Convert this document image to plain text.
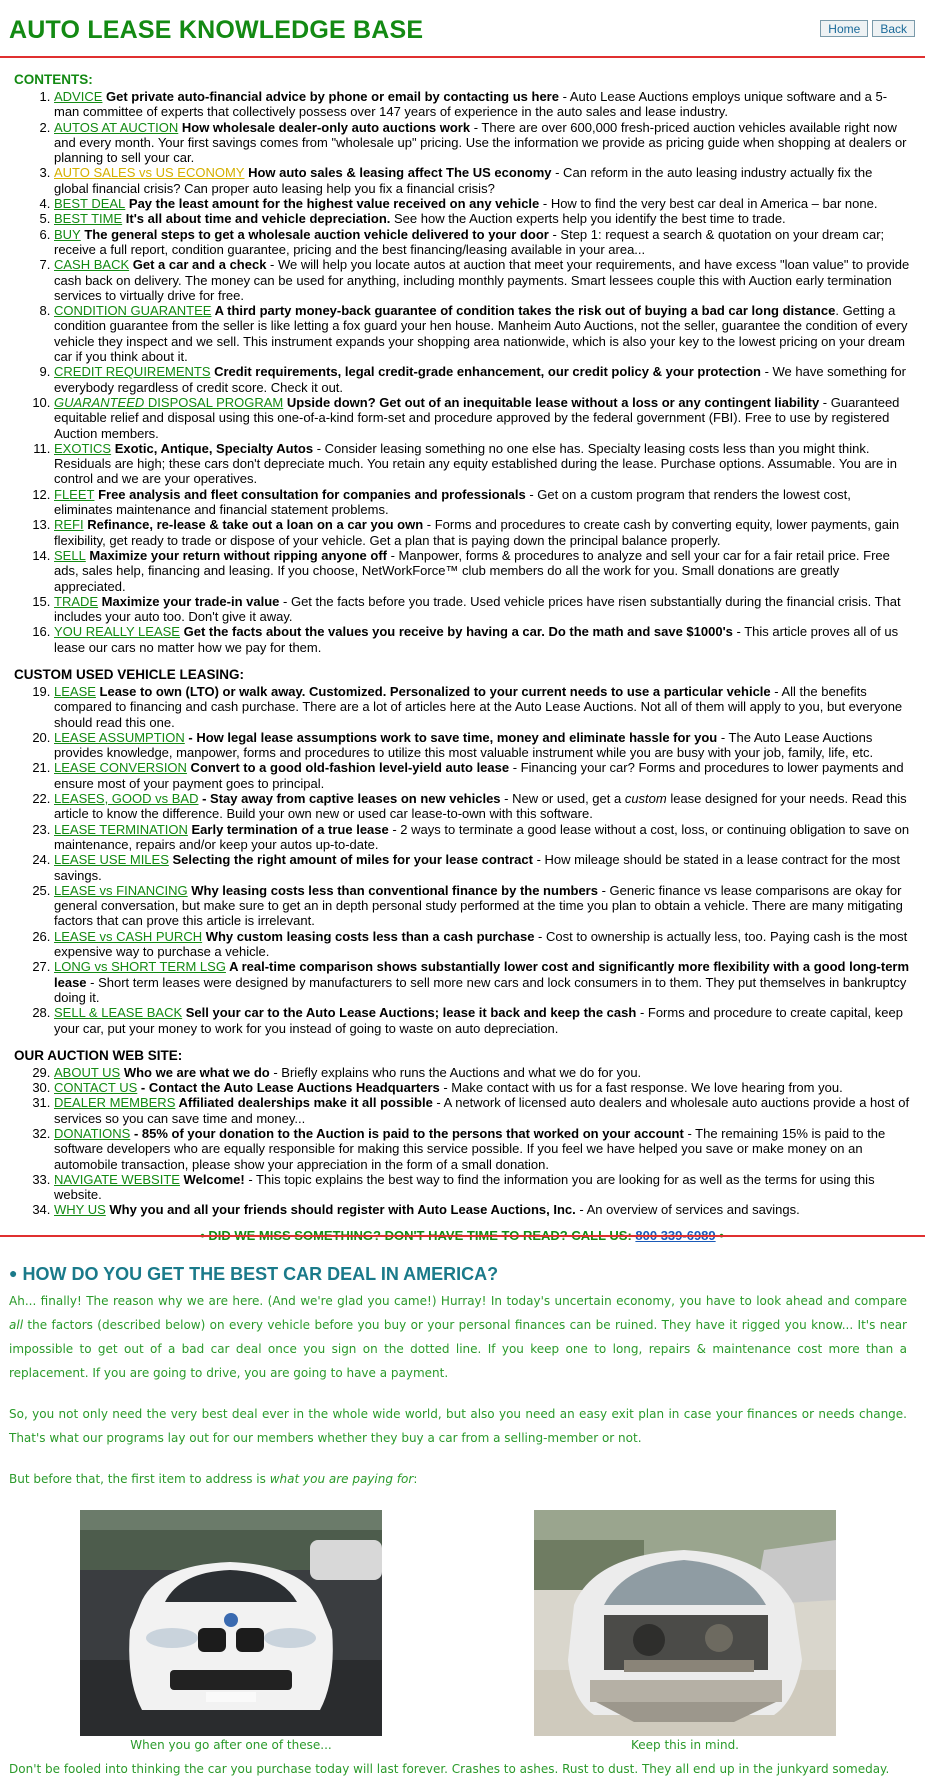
AUTO LEASE KNOWLEDGE BASE	Home	Back

CONTENTS:

1. ADVICE Get private auto-financial advice by phone or email by contacting us here - Auto Lease Auctions employs unique software and a 5-man committee of experts that collectively possess over 147 years of experience in the auto sales and lease industry.
2. AUTOS AT AUCTION How wholesale dealer-only auto auctions work - There are over 600,000 fresh-priced auction vehicles available right now and every month. Your first savings comes from "wholesale up" pricing. Use the information we provide as pricing guide when shopping at dealers or planning to sell your car.
3. AUTO SALES vs US ECONOMY How auto sales & leasing affect The US economy - Can reform in the auto leasing industry actually fix the global financial crisis? Can proper auto leasing help you fix a financial crisis?
4. BEST DEAL Pay the least amount for the highest value received on any vehicle - How to find the very best car deal in America – bar none.
5. BEST TIME It's all about time and vehicle depreciation. See how the Auction experts help you identify the best time to trade.
6. BUY The general steps to get a wholesale auction vehicle delivered to your door - Step 1: request a search & quotation on your dream car; receive a full report, condition guarantee, pricing and the best financing/leasing available in your area...
7. CASH BACK Get a car and a check - We will help you locate autos at auction that meet your requirements, and have excess "loan value" to provide cash back on delivery. The money can be used for anything, including monthly payments. Smart lessees couple this with Auction early termination services to virtually drive for free.
8. CONDITION GUARANTEE A third party money-back guarantee of condition takes the risk out of buying a bad car long distance. Getting a condition guarantee from the seller is like letting a fox guard your hen house. Manheim Auto Auctions, not the seller, guarantee the condition of every vehicle they inspect and we sell. This instrument expands your shopping area nationwide, which is also your key to the lowest pricing on your dream car if you think about it.
9. CREDIT REQUIREMENTS Credit requirements, legal credit-grade enhancement, our credit policy & your protection - We have something for everybody regardless of credit score. Check it out.
10. GUARANTEED DISPOSAL PROGRAM Upside down? Get out of an inequitable lease without a loss or any contingent liability - Guaranteed equitable relief and disposal using this one-of-a-kind form-set and procedure approved by the federal government (FBI). Free to use by registered Auction members.
11. EXOTICS Exotic, Antique, Specialty Autos - Consider leasing something no one else has. Specialty leasing costs less than you might think. Residuals are high; these cars don't depreciate much. You retain any equity established during the lease. Purchase options. Assumable. You are in control and we are your operatives.
12. FLEET Free analysis and fleet consultation for companies and professionals - Get on a custom program that renders the lowest cost, eliminates maintenance and financial statement problems.
13. REFI Refinance, re-lease & take out a loan on a car you own - Forms and procedures to create cash by converting equity, lower payments, gain flexibility, get ready to trade or dispose of your vehicle. Get a plan that is paying down the principal balance properly.
14. SELL Maximize your return without ripping anyone off - Manpower, forms & procedures to analyze and sell your car for a fair retail price. Free ads, sales help, financing and leasing. If you choose, NetWorkForce™ club members do all the work for you. Small donations are greatly appreciated.
15. TRADE Maximize your trade-in value - Get the facts before you trade. Used vehicle prices have risen substantially during the financial crisis. That includes your auto too. Don't give it away.
16. YOU REALLY LEASE Get the facts about the values you receive by having a car. Do the math and save $1000's - This article proves all of us lease our cars no matter how we pay for them.

CUSTOM USED VEHICLE LEASING:

19. LEASE Lease to own (LTO) or walk away. Customized. Personalized to your current needs to use a particular vehicle - All the benefits compared to financing and cash purchase. There are a lot of articles here at the Auto Lease Auctions. Not all of them will apply to you, but everyone should read this one.
20. LEASE ASSUMPTION - How legal lease assumptions work to save time, money and eliminate hassle for you - The Auto Lease Auctions provides knowledge, manpower, forms and procedures to utilize this most valuable instrument while you are busy with your job, family, life, etc.
21. LEASE CONVERSION Convert to a good old-fashion level-yield auto lease - Financing your car? Forms and procedures to lower payments and ensure most of your payment goes to principal.
22. LEASES, GOOD vs BAD - Stay away from captive leases on new vehicles - New or used, get a custom lease designed for your needs. Read this article to know the difference. Build your own new or used car lease-to-own with this software.
23. LEASE TERMINATION Early termination of a true lease - 2 ways to terminate a good lease without a cost, loss, or continuing obligation to save on maintenance, repairs and/or keep your autos up-to-date.
24. LEASE USE MILES Selecting the right amount of miles for your lease contract - How mileage should be stated in a lease contract for the most savings.
25. LEASE vs FINANCING Why leasing costs less than conventional finance by the numbers - Generic finance vs lease comparisons are okay for general conversation, but make sure to get an in depth personal study performed at the time you plan to obtain a vehicle. There are many mitigating factors that can prove this article is irrelevant.
26. LEASE vs CASH PURCH Why custom leasing costs less than a cash purchase - Cost to ownership is actually less, too. Paying cash is the most expensive way to purchase a vehicle.
27. LONG vs SHORT TERM LSG A real-time comparison shows substantially lower cost and significantly more flexibility with a good long-term lease - Short term leases were designed by manufacturers to sell more new cars and lock consumers in to them. They put themselves in bankruptcy doing it.
28. SELL & LEASE BACK Sell your car to the Auto Lease Auctions; lease it back and keep the cash - Forms and procedure to create capital, keep your car, put your money to work for you instead of going to waste on auto depreciation.

OUR AUCTION WEB SITE:

29. ABOUT US Who we are what we do - Briefly explains who runs the Auctions and what we do for you.
30. CONTACT US - Contact the Auto Lease Auctions Headquarters - Make contact with us for a fast response. We love hearing from you.
31. DEALER MEMBERS Affiliated dealerships make it all possible - A network of licensed auto dealers and wholesale auto auctions provide a host of services so you can save time and money...
32. DONATIONS - 85% of your donation to the Auction is paid to the persons that worked on your account - The remaining 15% is paid to the software developers who are equally responsible for making this service possible. If you feel we have helped you save or make money on an automobile transaction, please show your appreciation in the form of a small donation.
33. NAVIGATE WEBSITE Welcome! - This topic explains the best way to find the information you are looking for as well as the terms for using this website.
34. WHY US Why you and all your friends should register with Auto Lease Auctions, Inc. - An overview of services and savings.
• DID WE MISS SOMETHING? DON'T HAVE TIME TO READ? CALL US: 800 339-6989 •
● HOW DO YOU GET THE BEST CAR DEAL IN AMERICA?

Ah... finally! The reason why we are here. (And we're glad you came!) Hurray! In today's uncertain economy, you have to look ahead and compare all the factors (described below) on every vehicle before you buy or your personal finances can be ruined. They have it rigged you know... It's near impossible to get out of a bad car deal once you sign on the dotted line. If you keep one to long, repairs & maintenance cost more than a replacement. If you are going to drive, you are going to have a payment.

So, you not only need the very best deal ever in the whole wide world, but also you need an easy exit plan in case your finances or needs change. That's what our programs lay out for our members whether they buy a car from a selling-member or not.

But before that, the first item to address is what you are paying for:

When you go after one of these...	Keep this in mind.
Don't be fooled into thinking the car you purchase today will last forever. Crashes to ashes. Rust to dust. They all end up in the junkyard someday.
